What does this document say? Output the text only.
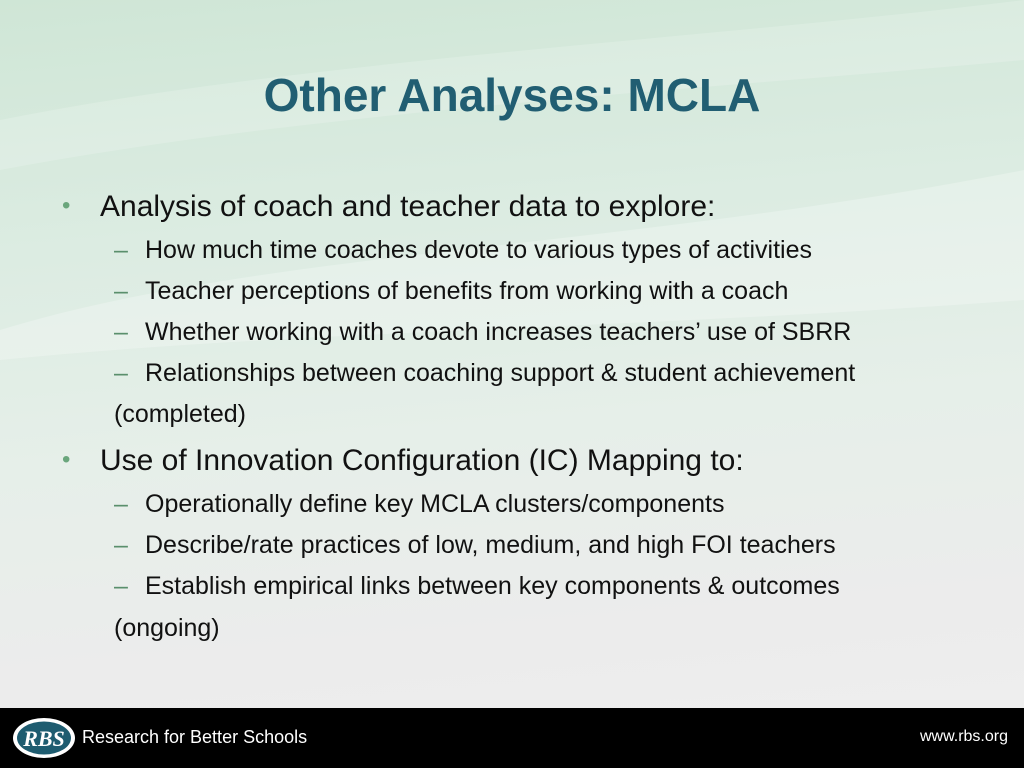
Other Analyses: MCLA
• Analysis of coach and teacher data to explore:
– How much time coaches devote to various types of activities
– Teacher perceptions of benefits from working with a coach
– Whether working with a coach increases teachers’ use of SBRR
– Relationships between coaching support & student achievement
(completed)
• Use of Innovation Configuration (IC) Mapping to:
– Operationally define key MCLA clusters/components
– Describe/rate practices of low, medium, and high FOI teachers
– Establish empirical links between key components & outcomes
(ongoing)
RBS Research for Better Schools	www.rbs.org
